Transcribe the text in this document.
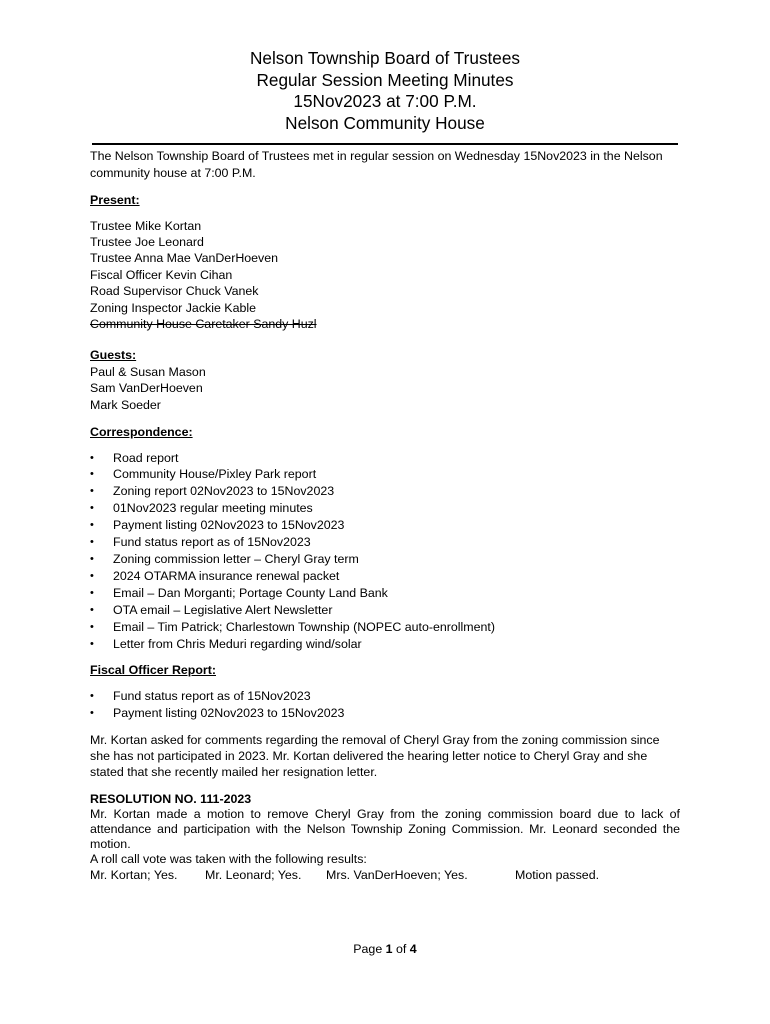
Nelson Township Board of Trustees
Regular Session Meeting Minutes
15Nov2023 at 7:00 P.M.
Nelson Community House
The Nelson Township Board of Trustees met in regular session on Wednesday 15Nov2023 in the Nelson community house at 7:00 P.M.
Present:
Trustee Mike Kortan
Trustee Joe Leonard
Trustee Anna Mae VanDerHoeven
Fiscal Officer Kevin Cihan
Road Supervisor Chuck Vanek
Zoning Inspector Jackie Kable
Community House Caretaker Sandy Huzl
Guests:
Paul & Susan Mason
Sam VanDerHoeven
Mark Soeder
Correspondence:
• Road report
• Community House/Pixley Park report
• Zoning report 02Nov2023 to 15Nov2023
• 01Nov2023 regular meeting minutes
• Payment listing 02Nov2023 to 15Nov2023
• Fund status report as of 15Nov2023
• Zoning commission letter – Cheryl Gray term
• 2024 OTARMA insurance renewal packet
• Email – Dan Morganti; Portage County Land Bank
• OTA email – Legislative Alert Newsletter
• Email – Tim Patrick; Charlestown Township (NOPEC auto-enrollment)
• Letter from Chris Meduri regarding wind/solar
Fiscal Officer Report:
• Fund status report as of 15Nov2023
• Payment listing 02Nov2023 to 15Nov2023
Mr. Kortan asked for comments regarding the removal of Cheryl Gray from the zoning commission since she has not participated in 2023. Mr. Kortan delivered the hearing letter notice to Cheryl Gray and she stated that she recently mailed her resignation letter.
RESOLUTION NO. 111-2023
Mr. Kortan made a motion to remove Cheryl Gray from the zoning commission board due to lack of attendance and participation with the Nelson Township Zoning Commission. Mr. Leonard seconded the motion.
A roll call vote was taken with the following results:
Mr. Kortan; Yes. Mr. Leonard; Yes. Mrs. VanDerHoeven; Yes.	Motion passed.
Page 1 of 4
